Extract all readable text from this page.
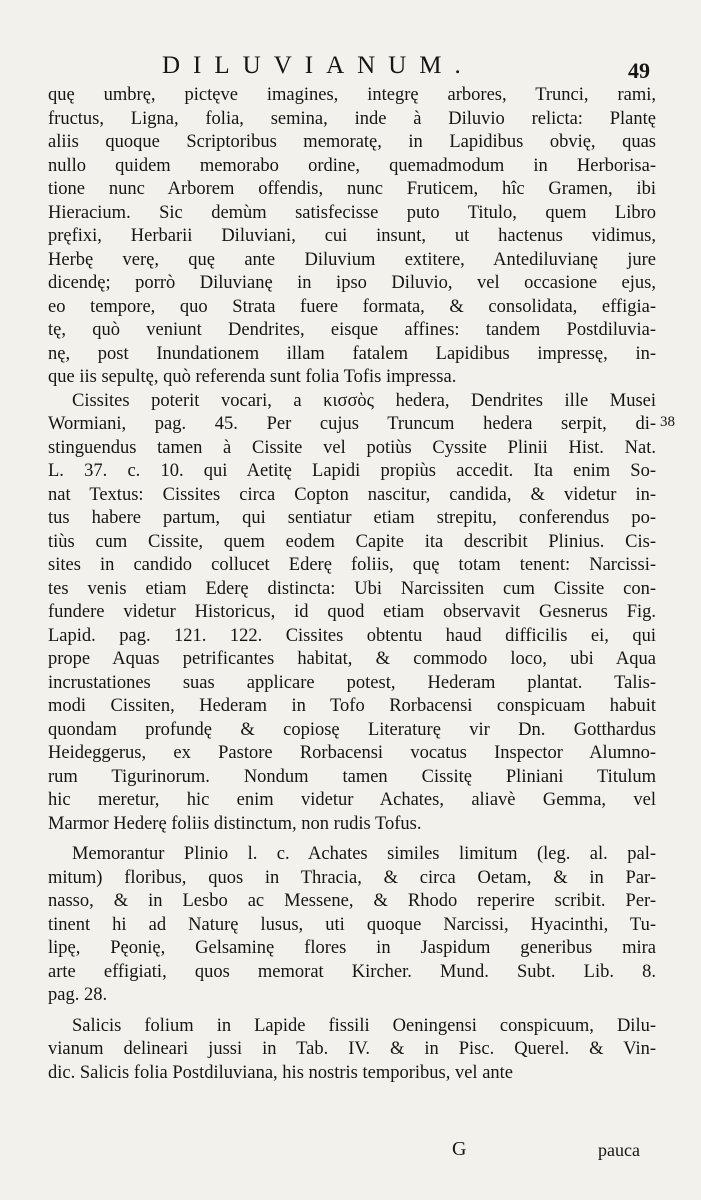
DILUVIANUM.	49
38
quę umbrę, pictęve imagines, integrę arbores, Trunci, rami,
fructus, Ligna, folia, semina, inde à Diluvio relicta: Plantę
aliis quoque Scriptoribus memoratę, in Lapidibus obvię, quas
nullo quidem memorabo ordine, quemadmodum in Herborisa-
tione nunc Arborem offendis, nunc Fruticem, hîc Gramen, ibi
Hieracium. Sic demùm satisfecisse puto Titulo, quem Libro
pręfixi, Herbarii Diluviani, cui insunt, ut hactenus vidimus,
Herbę verę, quę ante Diluvium extitere, Antediluvianę jure
dicendę; porrò Diluvianę in ipso Diluvio, vel occasione ejus,
eo tempore, quo Strata fuere formata, & consolidata, effigia-
tę, quò veniunt Dendrites, eisque affines: tandem Postdiluvia-
nę, post Inundationem illam fatalem Lapidibus impressę, in-
que iis sepultę, quò referenda sunt folia Tofis impressa.
Cissites poterit vocari, a κισσὸς hedera, Dendrites ille Musei
Wormiani, pag. 45. Per cujus Truncum hedera serpit, di-
stinguendus tamen à Cissite vel potiùs Cyssite Plinii Hist. Nat.
L. 37. c. 10. qui Aetitę Lapidi propiùs accedit. Ita enim So-
nat Textus: Cissites circa Copton nascitur, candida, & videtur in-
tus habere partum, qui sentiatur etiam strepitu, conferendus po-
tiùs cum Cissite, quem eodem Capite ita describit Plinius. Cis-
sites in candido collucet Ederę foliis, quę totam tenent: Narcissi-
tes venis etiam Ederę distincta: Ubi Narcissiten cum Cissite con-
fundere videtur Historicus, id quod etiam observavit Gesnerus Fig.
Lapid. pag. 121. 122. Cissites obtentu haud difficilis ei, qui
prope Aquas petrificantes habitat, & commodo loco, ubi Aqua
incrustationes suas applicare potest, Hederam plantat. Talis-
modi Cissiten, Hederam in Tofo Rorbacensi conspicuam habuit
quondam profundę & copiosę Literaturę vir Dn. Gotthardus
Heideggerus, ex Pastore Rorbacensi vocatus Inspector Alumno-
rum Tigurinorum. Nondum tamen Cissitę Pliniani Titulum
hic meretur, hic enim videtur Achates, aliavè Gemma, vel
Marmor Hederę foliis distinctum, non rudis Tofus.
Memorantur Plinio l. c. Achates similes limitum (leg. al. pal-
mitum) floribus, quos in Thracia, & circa Oetam, & in Par-
nasso, & in Lesbo ac Messene, & Rhodo reperire scribit. Per-
tinent hi ad Naturę lusus, uti quoque Narcissi, Hyacinthi, Tu-
lipę, Pęonię, Gelsaminę flores in Jaspidum generibus mira
arte effigiati, quos memorat Kircher. Mund. Subt. Lib. 8.
pag. 28.
Salicis folium in Lapide fissili Oeningensi conspicuum, Dilu-
vianum delineari jussi in Tab. IV. & in Pisc. Querel. & Vin-
dic. Salicis folia Postdiluviana, his nostris temporibus, vel ante
G	pauca
